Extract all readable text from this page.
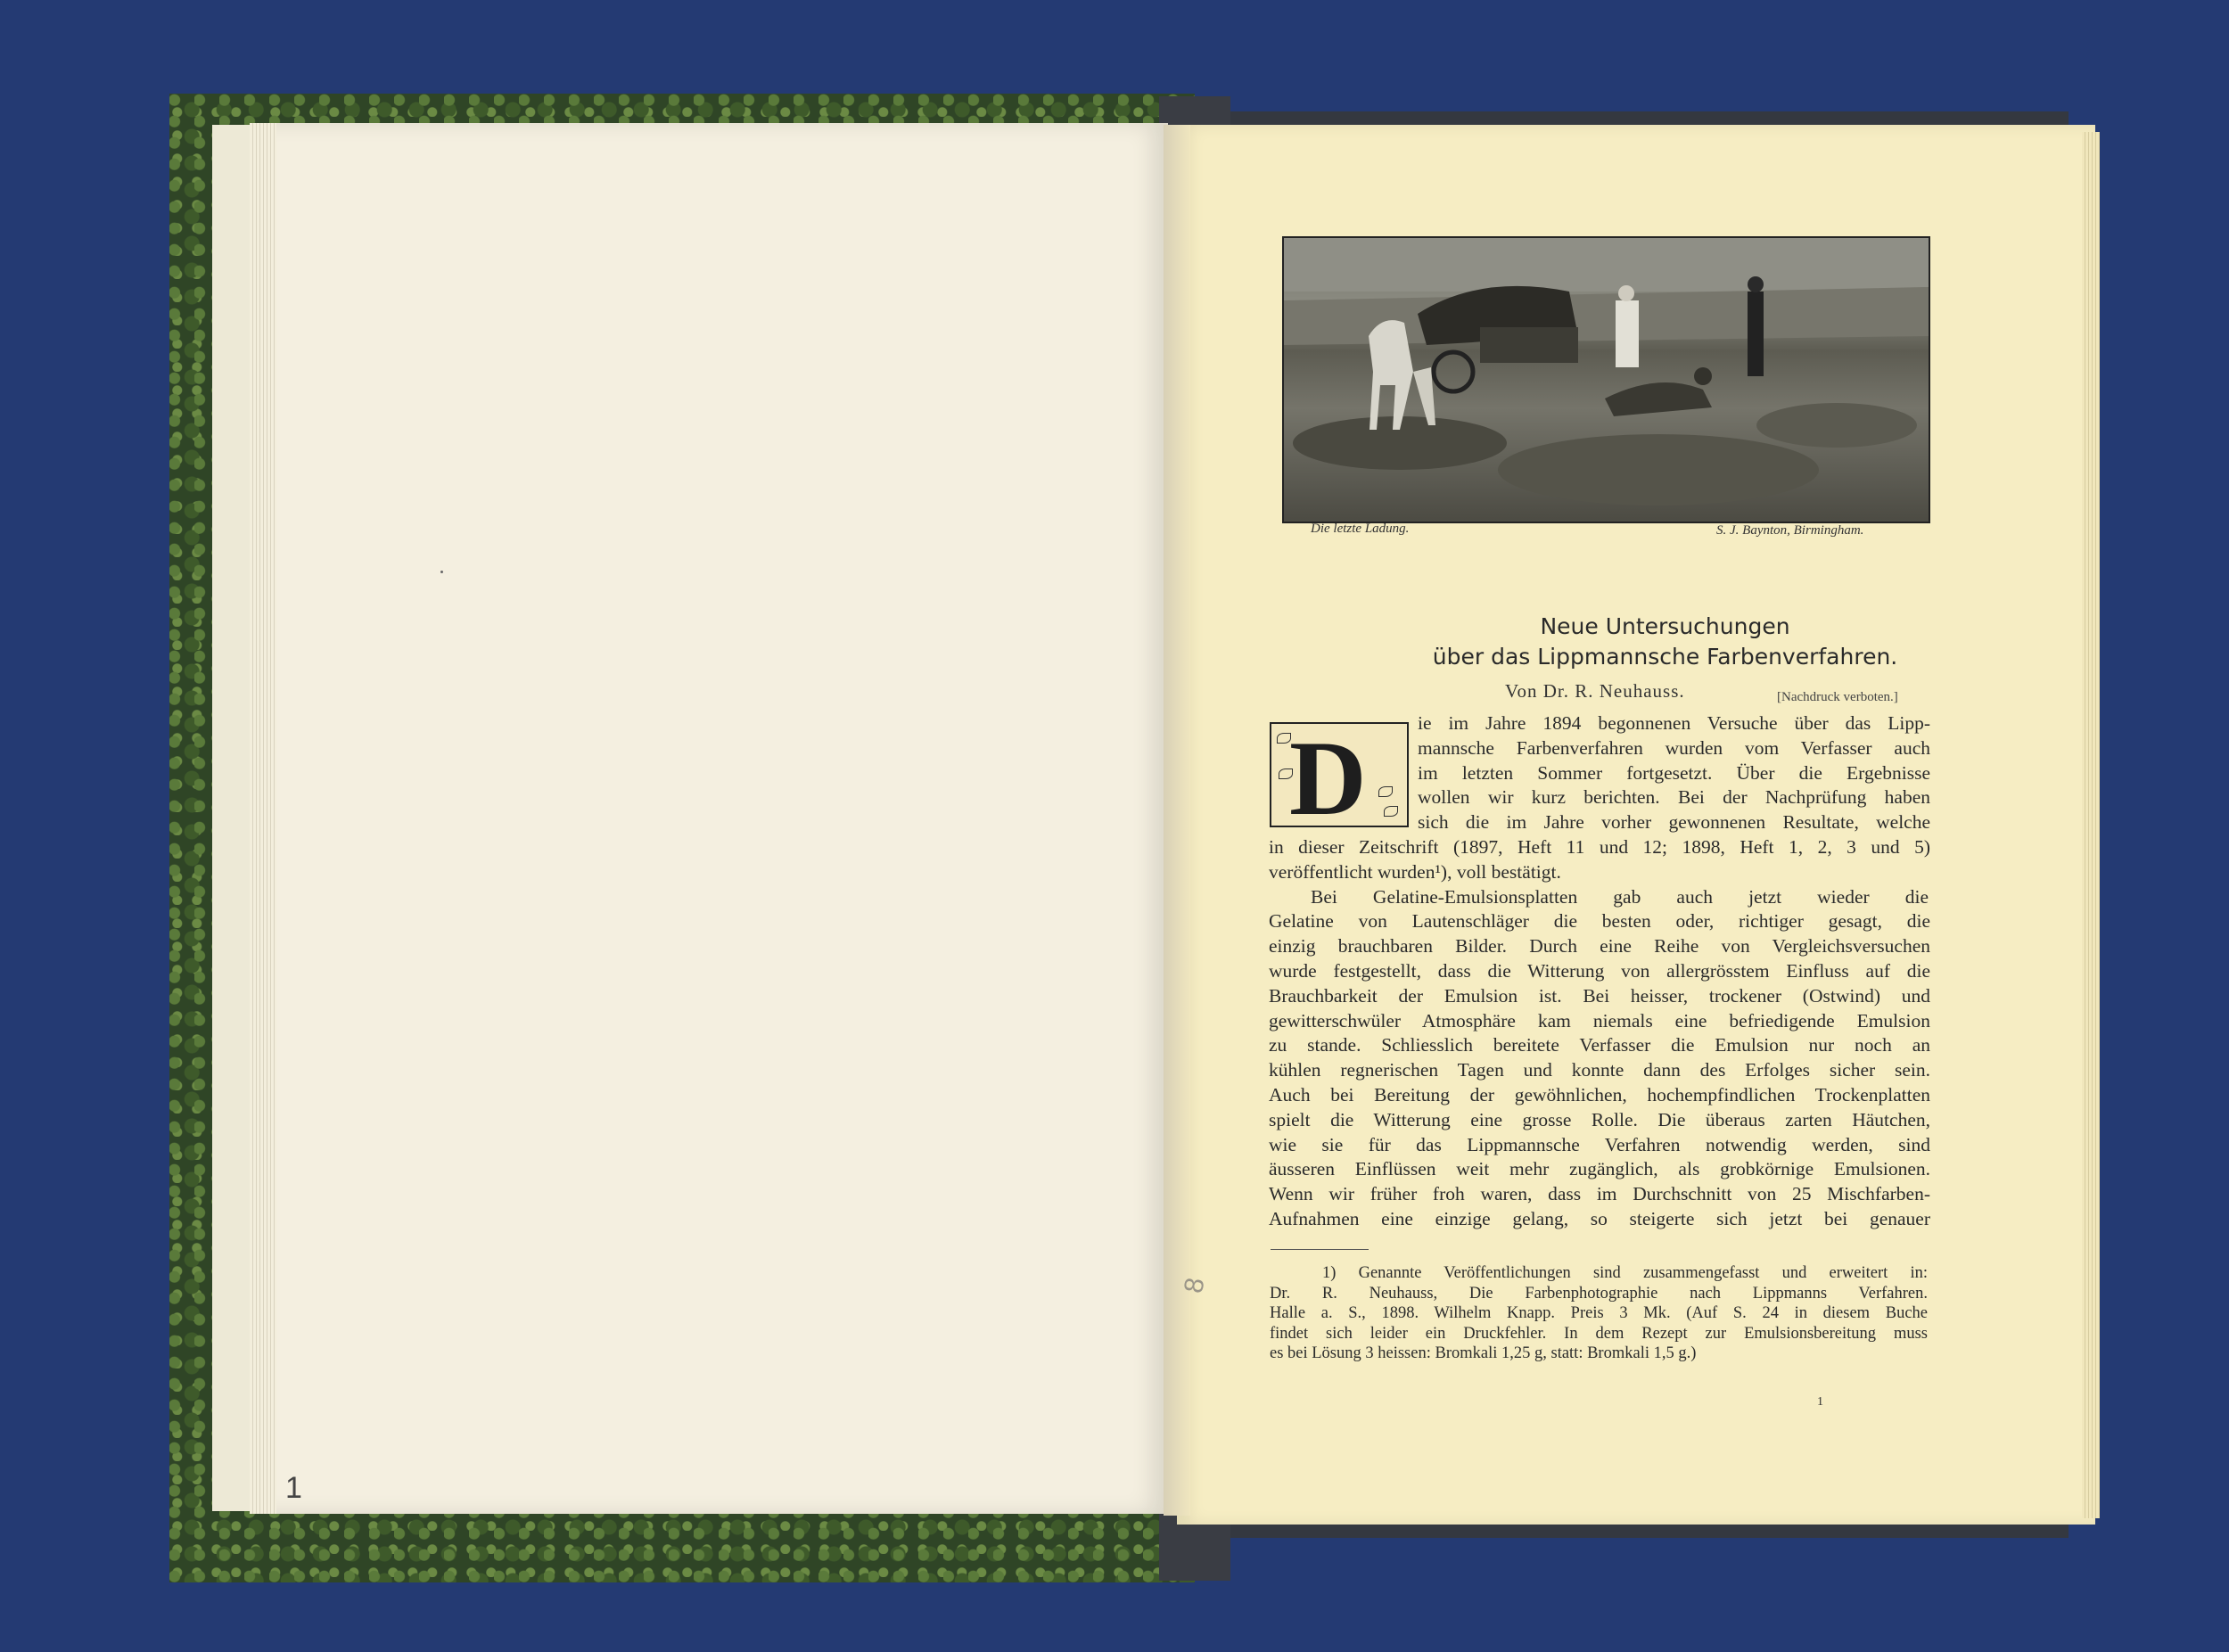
1
8
Die letzte Ladung.	S. J. Baynton, Birmingham.
Neue Untersuchungen
über das Lippmannsche Farbenverfahren.
Von Dr. R. Neuhauss.	[Nachdruck verboten.]
D	ie im Jahre 1894 begonnenen Versuche über das Lipp-
mannsche Farbenverfahren wurden vom Verfasser auch
im letzten Sommer fortgesetzt. Über die Ergebnisse
wollen wir kurz berichten. Bei der Nachprüfung haben
sich die im Jahre vorher gewonnenen Resultate, welche
in dieser Zeitschrift (1897, Heft 11 und 12; 1898, Heft 1, 2, 3 und 5)
veröffentlicht wurden¹), voll bestätigt.
Bei Gelatine-Emulsionsplatten gab auch jetzt wieder die
Gelatine von Lautenschläger die besten oder, richtiger gesagt, die
einzig brauchbaren Bilder. Durch eine Reihe von Vergleichsversuchen
wurde festgestellt, dass die Witterung von allergrösstem Einfluss auf die
Brauchbarkeit der Emulsion ist. Bei heisser, trockener (Ostwind) und
gewitterschwüler Atmosphäre kam niemals eine befriedigende Emulsion
zu stande. Schliesslich bereitete Verfasser die Emulsion nur noch an
kühlen regnerischen Tagen und konnte dann des Erfolges sicher sein.
Auch bei Bereitung der gewöhnlichen, hochempfindlichen Trockenplatten
spielt die Witterung eine grosse Rolle. Die überaus zarten Häutchen,
wie sie für das Lippmannsche Verfahren notwendig werden, sind
äusseren Einflüssen weit mehr zugänglich, als grobkörnige Emulsionen.
Wenn wir früher froh waren, dass im Durchschnitt von 25 Mischfarben-
Aufnahmen eine einzige gelang, so steigerte sich jetzt bei genauer
1) Genannte Veröffentlichungen sind zusammengefasst und erweitert in:
Dr. R. Neuhauss, Die Farbenphotographie nach Lippmanns Verfahren.
Halle a. S., 1898. Wilhelm Knapp. Preis 3 Mk. (Auf S. 24 in diesem Buche
findet sich leider ein Druckfehler. In dem Rezept zur Emulsionsbereitung muss
es bei Lösung 3 heissen: Bromkali 1,25 g, statt: Bromkali 1,5 g.)
1
